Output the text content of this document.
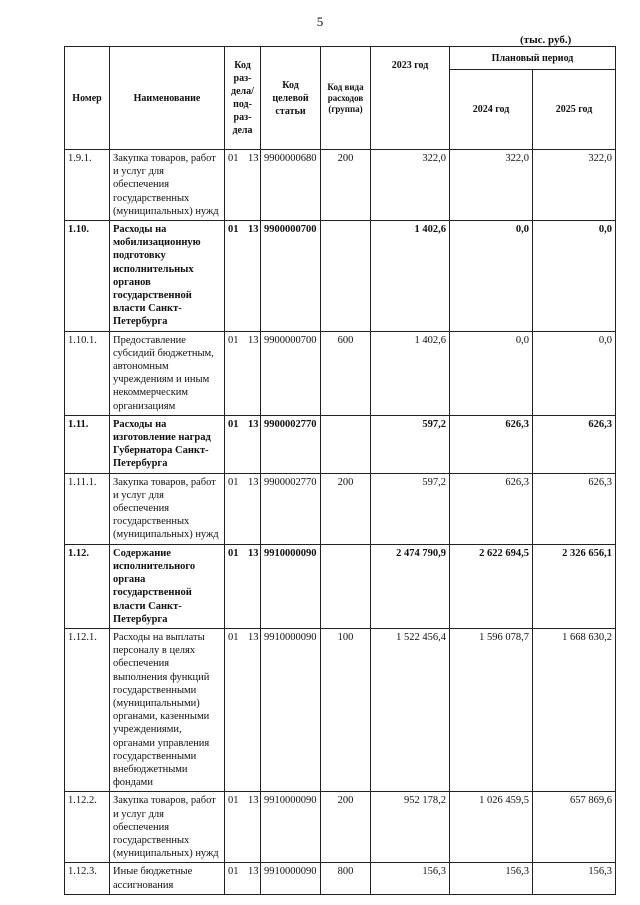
5
(тыс. руб.)
Номер	Наименование	Код раз-дела/ под-раз-дела	Код целевой статьи	Код вида расходов (группа)	2023 год	Плановый период	
						2024 год	2025 год
1.9.1.	Закупка товаров, работ и услуг для обеспечения государственных (муниципальных) нужд	01 13	9900000680	200	322,0	322,0	322,0
1.10.	Расходы на мобилизационную подготовку исполнительных органов государственной власти Санкт-Петербурга	01 13	9900000700		1 402,6	0,0	0,0
1.10.1.	Предоставление субсидий бюджетным, автономным учреждениям и иным некоммерческим организациям	01 13	9900000700	600	1 402,6	0,0	0,0
1.11.	Расходы на изготовление наград Губернатора Санкт-Петербурга	01 13	9900002770		597,2	626,3	626,3
1.11.1.	Закупка товаров, работ и услуг для обеспечения государственных (муниципальных) нужд	01 13	9900002770	200	597,2	626,3	626,3
1.12.	Содержание исполнительного органа государственной власти Санкт-Петербурга	01 13	9910000090		2 474 790,9	2 622 694,5	2 326 656,1
1.12.1.	Расходы на выплаты персоналу в целях обеспечения выполнения функций государственными (муниципальными) органами, казенными учреждениями, органами управления государственными внебюджетными фондами	01 13	9910000090	100	1 522 456,4	1 596 078,7	1 668 630,2
1.12.2.	Закупка товаров, работ и услуг для обеспечения государственных (муниципальных) нужд	01 13	9910000090	200	952 178,2	1 026 459,5	657 869,6
1.12.3.	Иные бюджетные ассигнования	01 13	9910000090	800	156,3	156,3	156,3
